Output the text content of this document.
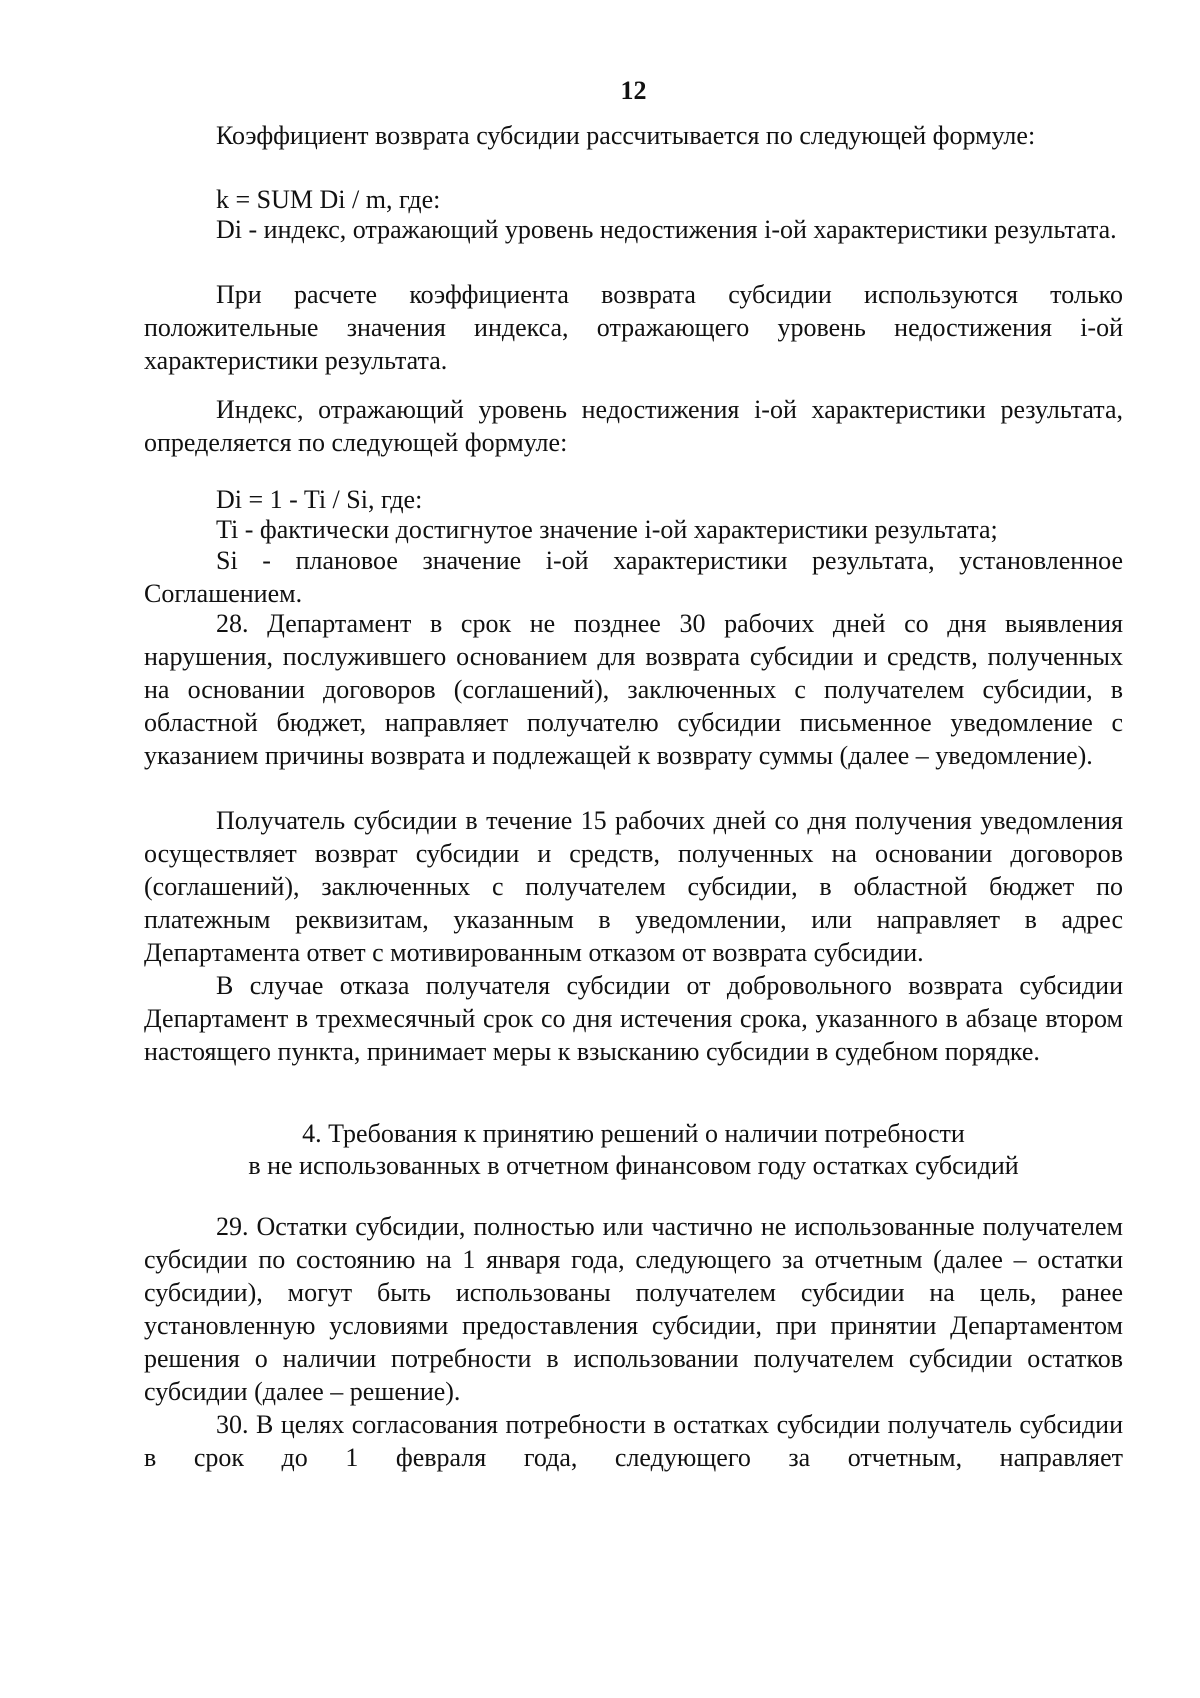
12
Коэффициент возврата субсидии рассчитывается по следующей формуле:
k = SUM Di / m, где:
Di - индекс, отражающий уровень недостижения i-ой характеристики результата.
При расчете коэффициента возврата субсидии используются только положительные значения индекса, отражающего уровень недостижения i-ой характеристики результата.
Индекс, отражающий уровень недостижения i-ой характеристики результата, определяется по следующей формуле:
Di = 1 - Ti / Si, где:
Ti - фактически достигнутое значение i-ой характеристики результата;
Si - плановое значение i-ой характеристики результата, установленное Соглашением.
28. Департамент в срок не позднее 30 рабочих дней со дня выявления нарушения, послужившего основанием для возврата субсидии и средств, полученных на основании договоров (соглашений), заключенных с получателем субсидии, в областной бюджет, направляет получателю субсидии письменное уведомление с указанием причины возврата и подлежащей к возврату суммы (далее – уведомление).
Получатель субсидии в течение 15 рабочих дней со дня получения уведомления осуществляет возврат субсидии и средств, полученных на основании договоров (соглашений), заключенных с получателем субсидии, в областной бюджет по платежным реквизитам, указанным в уведомлении, или направляет в адрес Департамента ответ с мотивированным отказом от возврата субсидии.
В случае отказа получателя субсидии от добровольного возврата субсидии Департамент в трехмесячный срок со дня истечения срока, указанного в абзаце втором настоящего пункта, принимает меры к взысканию субсидии в судебном порядке.
4. Требования к принятию решений о наличии потребности
в не использованных в отчетном финансовом году остатках субсидий
29. Остатки субсидии, полностью или частично не использованные получателем субсидии по состоянию на 1 января года, следующего за отчетным (далее – остатки субсидии), могут быть использованы получателем субсидии на цель, ранее установленную условиями предоставления субсидии, при принятии Департаментом решения о наличии потребности в использовании получателем субсидии остатков субсидии (далее – решение).
30. В целях согласования потребности в остатках субсидии получатель субсидии в срок до 1 февраля года, следующего за отчетным, направляет
